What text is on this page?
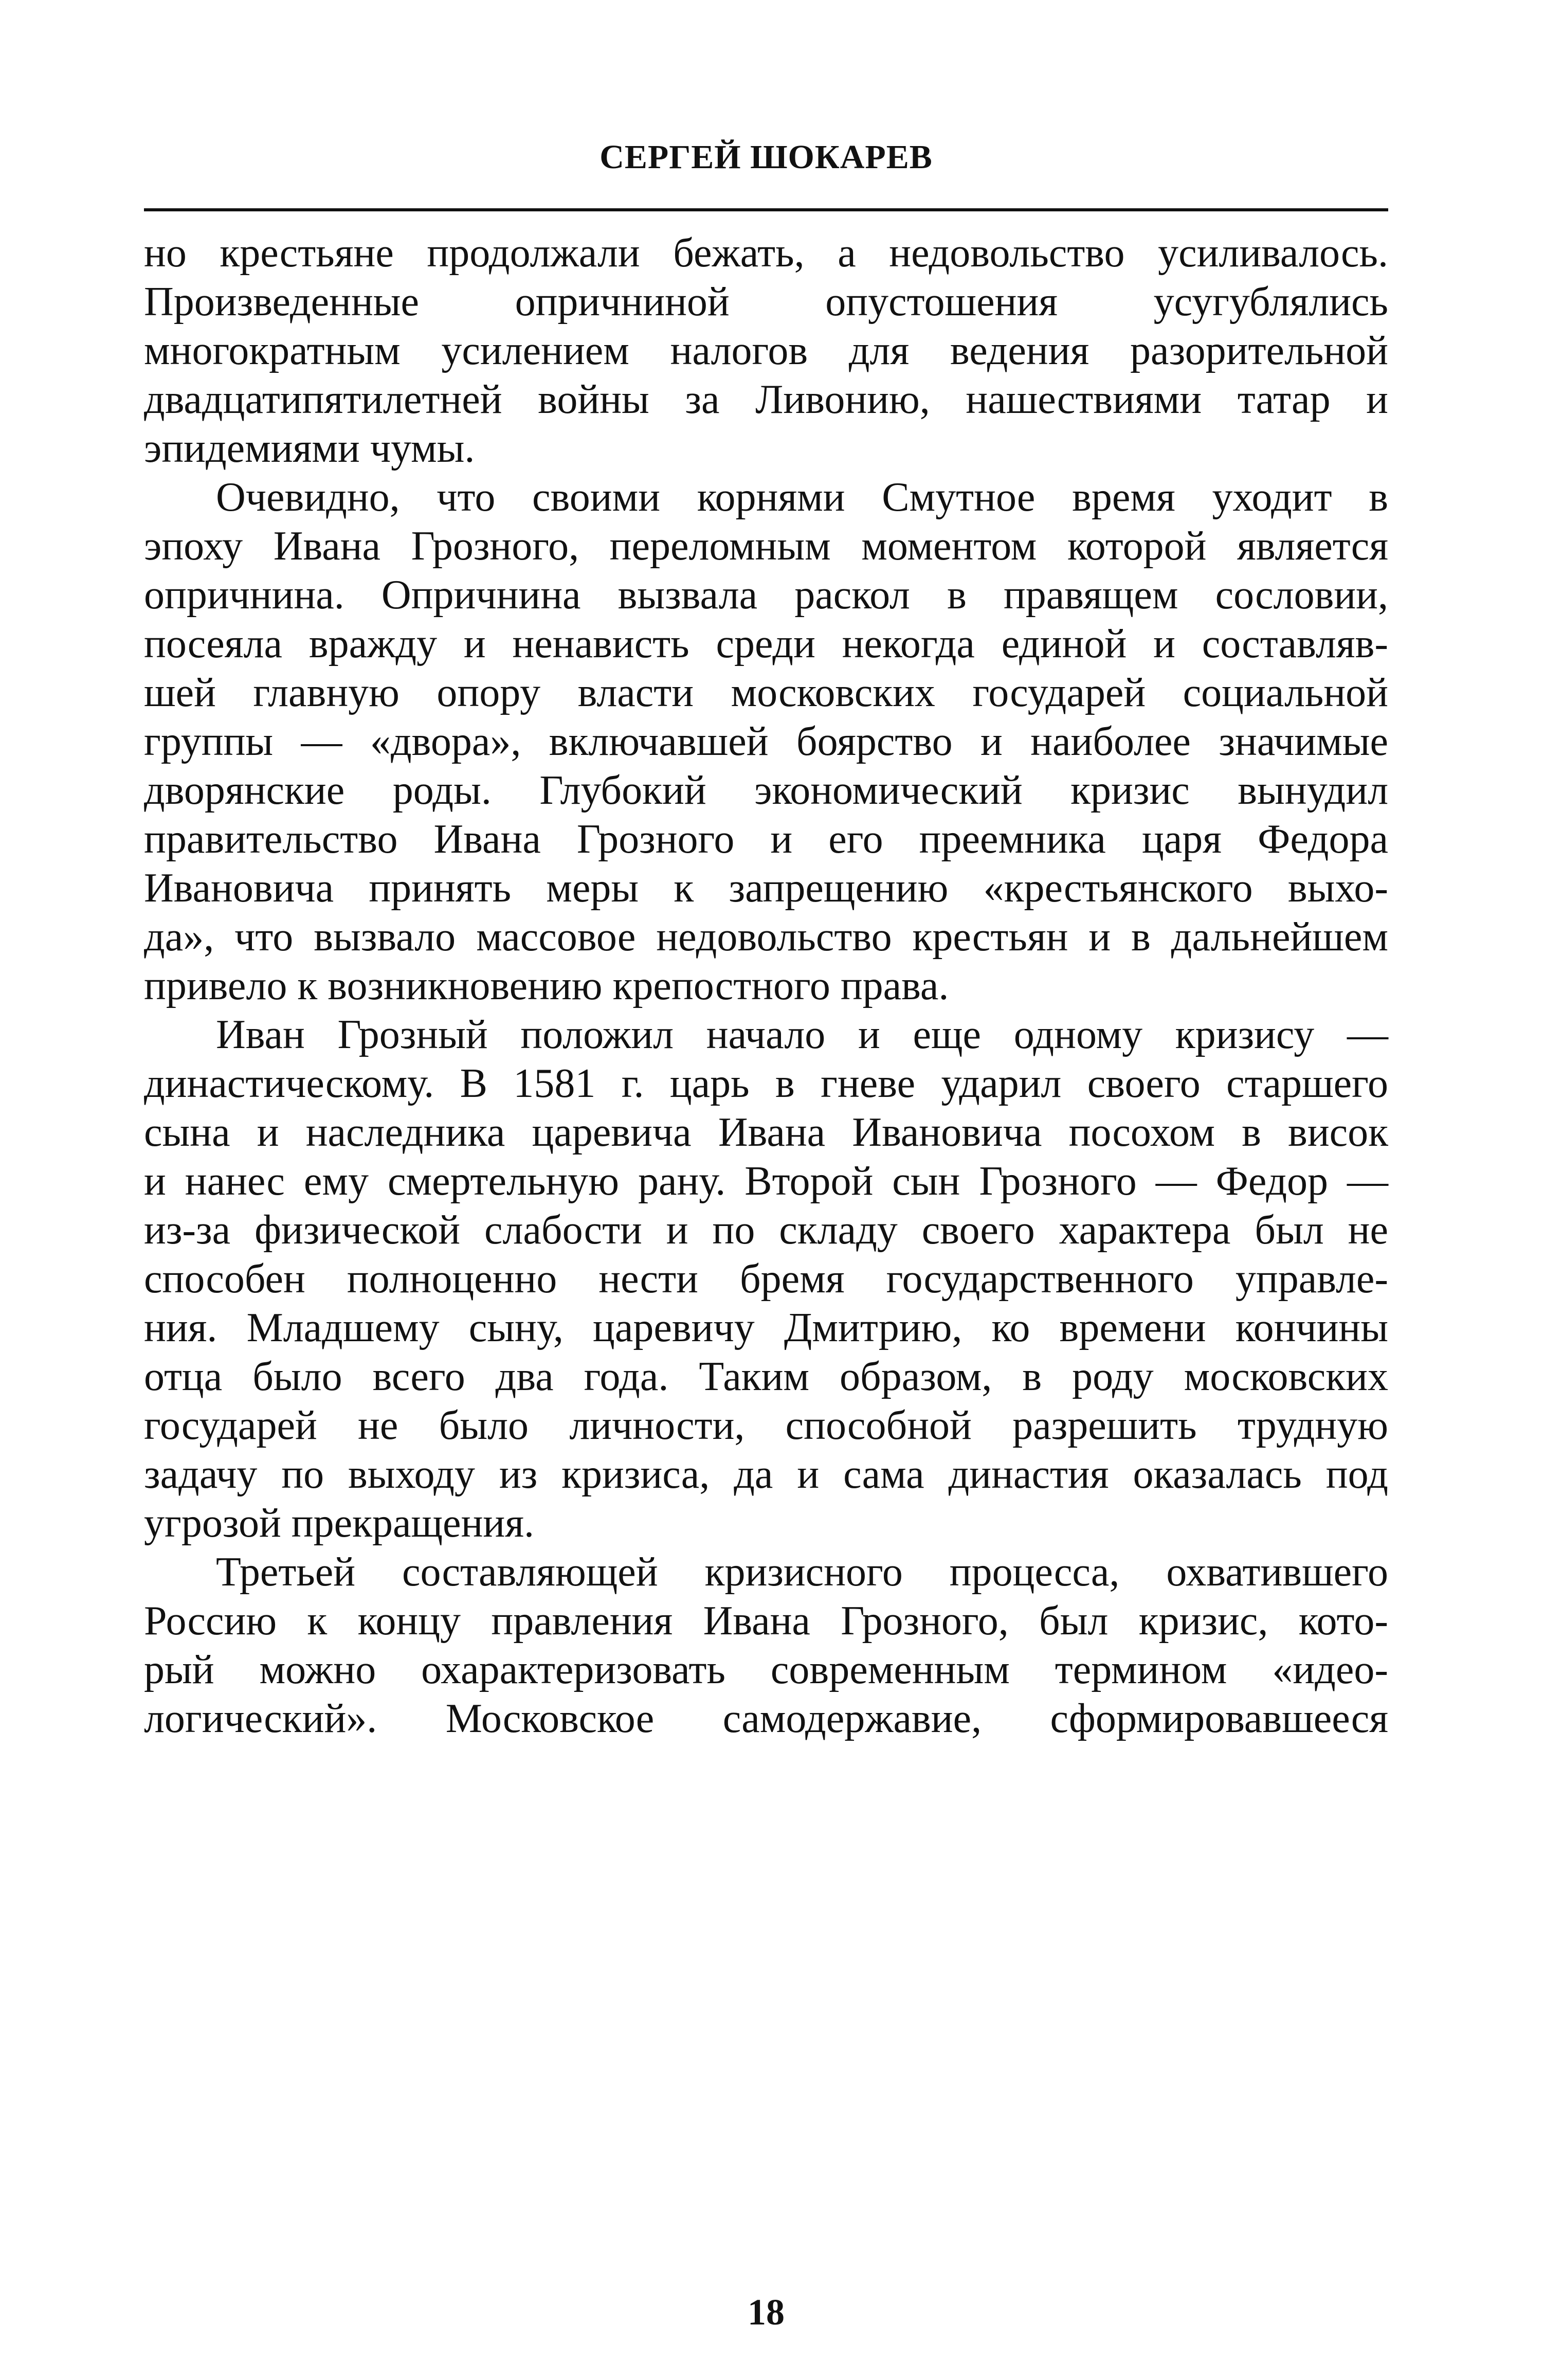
СЕРГЕЙ ШОКАРЕВ
но крестьяне продолжали бежать, а недовольство усиливалось.
Произведенные опричниной опустошения усугублялись
многократным усилением налогов для ведения разорительной
двадцатипятилетней войны за Ливонию, нашествиями татар и
эпидемиями чумы.
Очевидно, что своими корнями Смутное время уходит в
эпоху Ивана Грозного, переломным моментом которой является
опричнина. Опричнина вызвала раскол в правящем сословии,
посеяла вражду и ненависть среди некогда единой и составляв-
шей главную опору власти московских государей социальной
группы — «двора», включавшей боярство и наиболее значимые
дворянские роды. Глубокий экономический кризис вынудил
правительство Ивана Грозного и его преемника царя Федора
Ивановича принять меры к запрещению «крестьянского выхо-
да», что вызвало массовое недовольство крестьян и в дальнейшем
привело к возникновению крепостного права.
Иван Грозный положил начало и еще одному кризису —
династическому. В 1581 г. царь в гневе ударил своего старшего
сына и наследника царевича Ивана Ивановича посохом в висок
и нанес ему смертельную рану. Второй сын Грозного — Федор —
из-за физической слабости и по складу своего характера был не
способен полноценно нести бремя государственного управле-
ния. Младшему сыну, царевичу Дмитрию, ко времени кончины
отца было всего два года. Таким образом, в роду московских
государей не было личности, способной разрешить трудную
задачу по выходу из кризиса, да и сама династия оказалась под
угрозой прекращения.
Третьей составляющей кризисного процесса, охватившего
Россию к концу правления Ивана Грозного, был кризис, кото-
рый можно охарактеризовать современным термином «идео-
логический». Московское самодержавие, сформировавшееся
18
